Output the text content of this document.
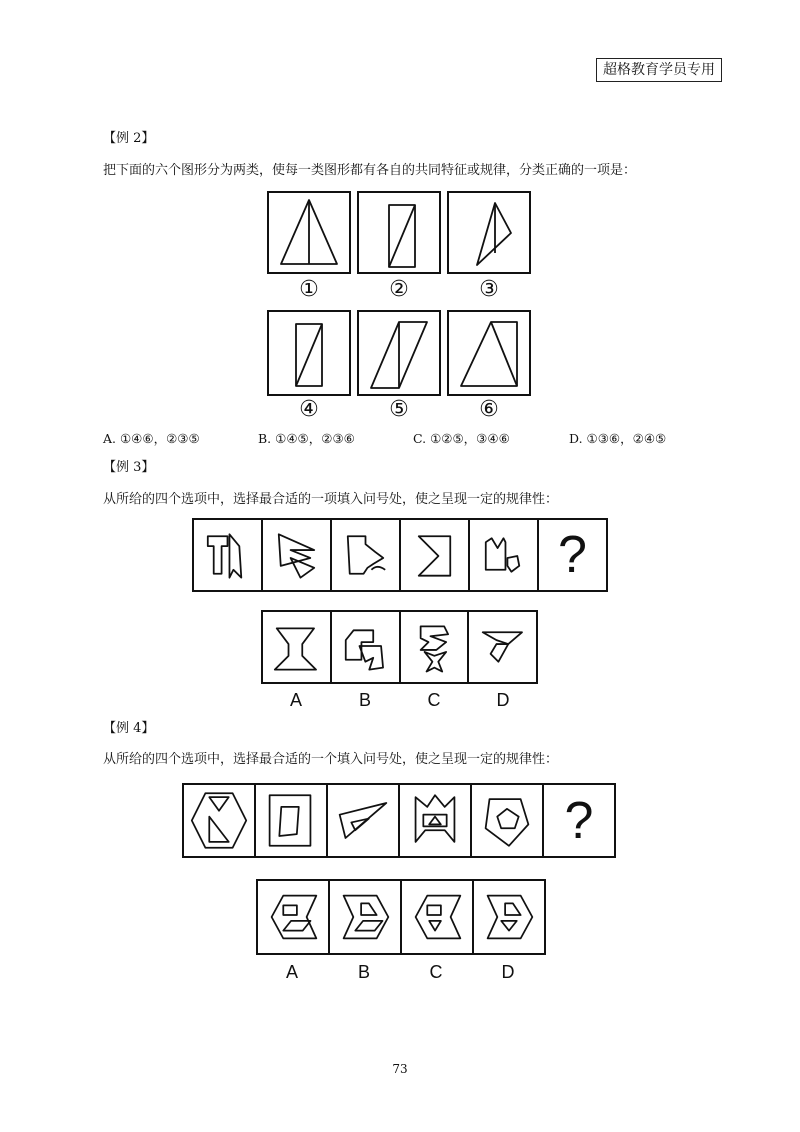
超格教育学员专用
【例 2】
把下面的六个图形分为两类，使每一类图形都有各自的共同特征或规律，分类正确的一项是：
①	②	③
④	⑤	⑥
A. ①④⑥，②③⑤	B. ①④⑤，②③⑥	C. ①②⑤，③④⑥	D. ①③⑥，②④⑤
【例 3】
从所给的四个选项中，选择最合适的一项填入问号处，使之呈现一定的规律性：
?
A	B	C	D
【例 4】
从所给的四个选项中，选择最合适的一个填入问号处，使之呈现一定的规律性：
?
A	B	C	D
73
